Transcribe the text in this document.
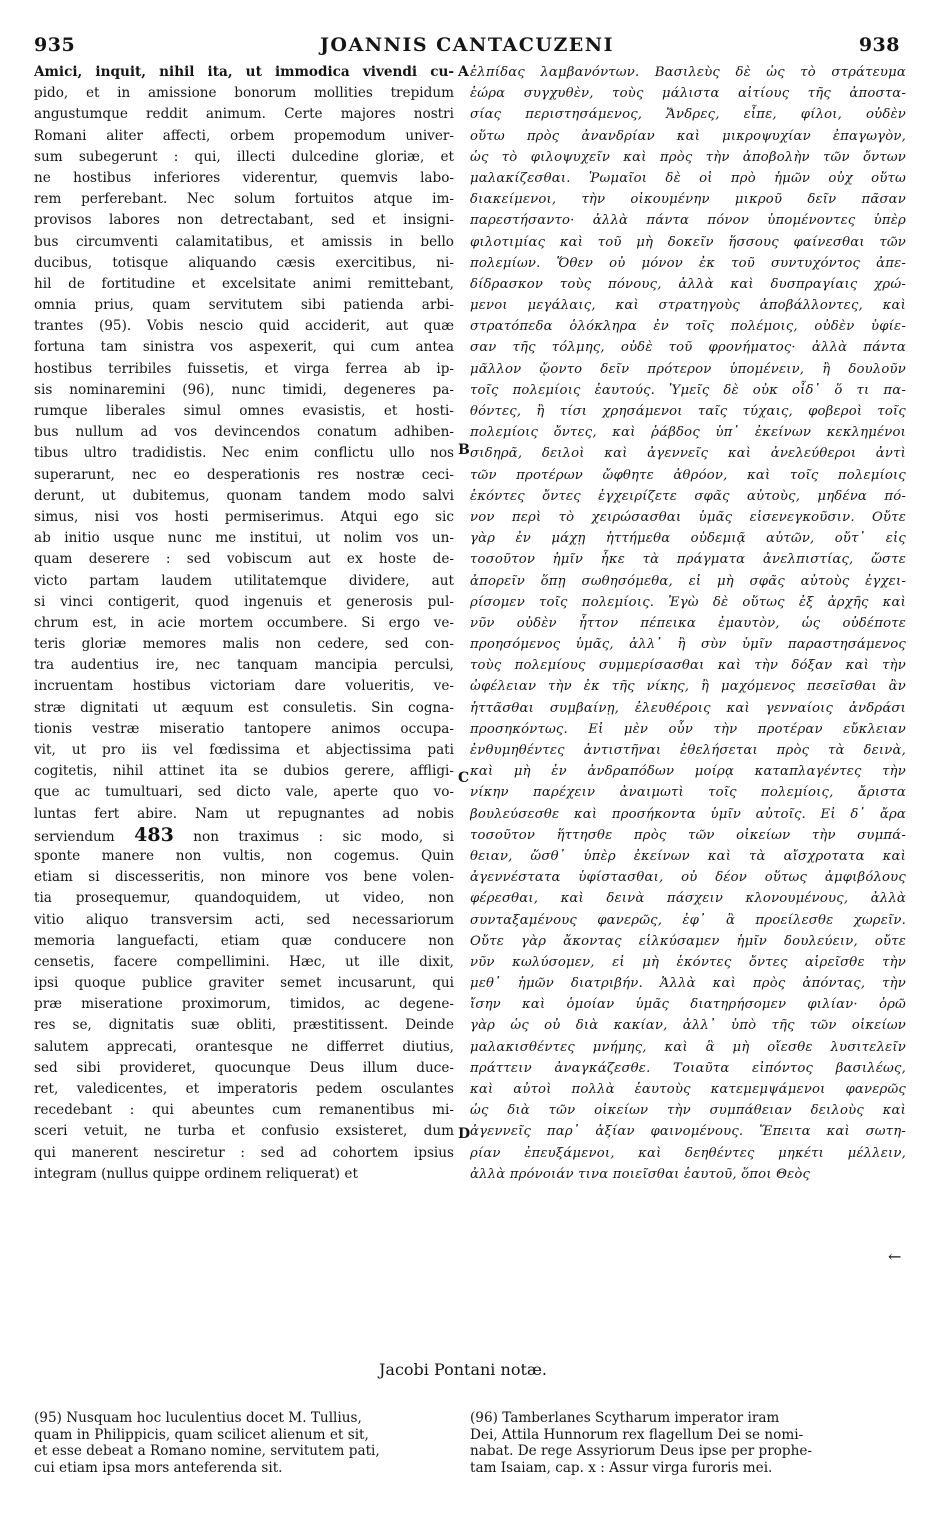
935	JOANNIS CANTACUZENI	938
Amici, inquit, nihil ita, ut immodica vivendi cu-
pido, et in amissione bonorum mollities trepidum
angustumque reddit animum. Certe majores nostri
Romani aliter affecti, orbem propemodum univer-
sum subegerunt : qui, illecti dulcedine gloriæ, et
ne hostibus inferiores viderentur, quemvis labo-
rem perferebant. Nec solum fortuitos atque im-
provisos labores non detrectabant, sed et insigni-
bus circumventi calamitatibus, et amissis in bello
ducibus, totisque aliquando cæsis exercitibus, ni-
hil de fortitudine et excelsitate animi remittebant,
omnia prius, quam servitutem sibi patienda arbi-
trantes (95). Vobis nescio quid acciderit, aut quæ
fortuna tam sinistra vos aspexerit, qui cum antea
hostibus terribiles fuissetis, et virga ferrea ab ip-
sis nominaremini (96), nunc timidi, degeneres pa-
rumque liberales simul omnes evasistis, et hosti-
bus nullum ad vos devincendos conatum adhiben-
tibus ultro tradidistis. Nec enim conflictu ullo nos
superarunt, nec eo desperationis res nostræ ceci-
derunt, ut dubitemus, quonam tandem modo salvi
simus, nisi vos hosti permiserimus. Atqui ego sic
ab initio usque nunc me institui, ut nolim vos un-
quam deserere : sed vobiscum aut ex hoste de-
victo partam laudem utilitatemque dividere, aut
si vinci contigerit, quod ingenuis et generosis pul-
chrum est, in acie mortem occumbere. Si ergo ve-
teris gloriæ memores malis non cedere, sed con-
tra audentius ire, nec tanquam mancipia perculsi,
incruentam hostibus victoriam dare volueritis, ve-
stræ dignitati ut æquum est consuletis. Sin cogna-
tionis vestræ miseratio tantopere animos occupa-
vit, ut pro iis vel fœdissima et abjectissima pati
cogitetis, nihil attinet ita se dubios gerere, affligi-
que ac tumultuari, sed dicto vale, aperte quo vo-
luntas fert abire. Nam ut repugnantes ad nobis
serviendum 483 non traximus : sic modo, si
sponte manere non vultis, non cogemus. Quin
etiam si discesseritis, non minore vos bene volen-
tia prosequemur, quandoquidem, ut video, non
vitio aliquo transversim acti, sed necessariorum
memoria languefacti, etiam quæ conducere non
censetis, facere compellimini. Hæc, ut ille dixit,
ipsi quoque publice graviter semet incusarunt, qui
præ miseratione proximorum, timidos, ac degene-
res se, dignitatis suæ obliti, præstitissent. Deinde
salutem apprecati, orantesque ne differret diutius,
sed sibi provideret, quocunque Deus illum duce-
ret, valedicentes, et imperatoris pedem osculantes
recedebant : qui abeuntes cum remanentibus mi-
sceri vetuit, ne turba et confusio exsisteret, dum
qui manerent nesciretur : sed ad cohortem ipsius
integram (nullus quippe ordinem reliquerat) et
A
B
C
D
ἐλπίδας λαμβανόντων. Βασιλεὺς δὲ ὡς τὸ στράτευμα
ἑώρα συγχυθὲν, τοὺς μάλιστα αἰτίους τῆς ἀποστα-
σίας περιστησάμενος, Ἄνδρες, εἶπε, φίλοι, οὐδὲν
οὕτω πρὸς ἀνανδρίαν καὶ μικροψυχίαν ἐπαγωγὸν,
ὡς τὸ φιλοψυχεῖν καὶ πρὸς τὴν ἀποβολὴν τῶν ὄντων
μαλακίζεσθαι. Ῥωμαῖοι δὲ οἱ πρὸ ἡμῶν οὐχ οὕτω
διακείμενοι, τὴν οἰκουμένην μικροῦ δεῖν πᾶσαν
παρεστήσαντο· ἀλλὰ πάντα πόνον ὑπομένοντες ὑπὲρ
φιλοτιμίας καὶ τοῦ μὴ δοκεῖν ἥσσους φαίνεσθαι τῶν
πολεμίων. Ὅθεν οὐ μόνον ἐκ τοῦ συντυχόντος ἀπε-
δίδρασκον τοὺς πόνους, ἀλλὰ καὶ δυσπραγίαις χρώ-
μενοι μεγάλαις, καὶ στρατηγοὺς ἀποβάλλοντες, καὶ
στρατόπεδα ὁλόκληρα ἐν τοῖς πολέμοις, οὐδὲν ὑφίε-
σαν τῆς τόλμης, οὐδὲ τοῦ φρονήματος· ἀλλὰ πάντα
μᾶλλον ᾤοντο δεῖν πρότερον ὑπομένειν, ἢ δουλοῦν
τοῖς πολεμίοις ἑαυτούς. Ὑμεῖς δὲ οὐκ οἶδ᾽ ὅ τι πα-
θόντες, ἢ τίσι χρησάμενοι ταῖς τύχαις, φοβεροὶ τοῖς
πολεμίοις ὄντες, καὶ ῥάβδος ὑπ᾽ ἐκείνων κεκλημένοι
σιδηρᾶ, δειλοὶ καὶ ἀγεννεῖς καὶ ἀνελεύθεροι ἀντὶ
τῶν προτέρων ὤφθητε ἀθρόον, καὶ τοῖς πολεμίοις
ἑκόντες ὄντες ἐγχειρίζετε σφᾶς αὐτοὺς, μηδένα πό-
νον περὶ τὸ χειρώσασθαι ὑμᾶς εἰσενεγκοῦσιν. Οὔτε
γὰρ ἐν μάχῃ ἡττήμεθα οὐδεμιᾷ αὐτῶν, οὔτ᾽ εἰς
τοσοῦτον ἡμῖν ἧκε τὰ πράγματα ἀνελπιστίας, ὥστε
ἀπορεῖν ὅπῃ σωθησόμεθα, εἰ μὴ σφᾶς αὐτοὺς ἐγχει-
ρίσομεν τοῖς πολεμίοις. Ἐγὼ δὲ οὕτως ἐξ ἀρχῆς καὶ
νῦν οὐδὲν ἧττον πέπεικα ἐμαυτὸν, ὡς οὐδέποτε
προησόμενος ὑμᾶς, ἀλλ᾽ ἢ σὺν ὑμῖν παραστησάμενος
τοὺς πολεμίους συμμερίσασθαι καὶ τὴν δόξαν καὶ τὴν
ὠφέλειαν τὴν ἐκ τῆς νίκης, ἢ μαχόμενος πεσεῖσθαι ἂν
ἡττᾶσθαι συμβαίνῃ, ἐλευθέροις καὶ γενναίοις ἀνδράσι
προσηκόντως. Εἰ μὲν οὖν τὴν προτέραν εὔκλειαν
ἐνθυμηθέντες ἀντιστῆναι ἐθελήσεται πρὸς τὰ δεινὰ,
καὶ μὴ ἐν ἀνδραπόδων μοίρᾳ καταπλαγέντες τὴν
νίκην παρέχειν ἀναιμωτὶ τοῖς πολεμίοις, ἄριστα
βουλεύσεσθε καὶ προσήκοντα ὑμῖν αὐτοῖς. Εἰ δ᾽ ἄρα
τοσοῦτον ἥττησθε πρὸς τῶν οἰκείων τὴν συμπά-
θειαν, ὥσθ᾽ ὑπὲρ ἐκείνων καὶ τὰ αἴσχροτατα καὶ
ἀγεννέστατα ὑφίστασθαι, οὐ δέον οὕτως ἀμφιβόλους
φέρεσθαι, καὶ δεινὰ πάσχειν κλονουμένους, ἀλλὰ
συνταξαμένους φανερῶς, ἐφ᾽ ἃ προείλεσθε χωρεῖν.
Οὔτε γὰρ ἄκοντας εἱλκύσαμεν ἡμῖν δουλεύειν, οὔτε
νῦν κωλύσομεν, εἰ μὴ ἑκόντες ὄντες αἱρεῖσθε τὴν
μεθ᾽ ἡμῶν διατριβήν. Ἀλλὰ καὶ πρὸς ἀπόντας, τὴν
ἴσην καὶ ὁμοίαν ὑμᾶς διατηρήσομεν φιλίαν· ὁρῶ
γὰρ ὡς οὐ διὰ κακίαν, ἀλλ᾽ ὑπὸ τῆς τῶν οἰκείων
μαλακισθέντες μνήμης, καὶ ἃ μὴ οἴεσθε λυσιτελεῖν
πράττειν ἀναγκάζεσθε. Τοιαῦτα εἰπόντος βασιλέως,
καὶ αὐτοὶ πολλὰ ἑαυτοὺς κατεμεμψάμενοι φανερῶς
ὡς διὰ τῶν οἰκείων τὴν συμπάθειαν δειλοὺς καὶ
ἀγεννεῖς παρ᾽ ἀξίαν φαινομένους. Ἔπειτα καὶ σωτη-
ρίαν ἐπευξάμενοι, καὶ δεηθέντες μηκέτι μέλλειν,
ἀλλὰ πρόνοιάν τινα ποιεῖσθαι ἑαυτοῦ, ὅποι Θεὸς
←
Jacobi Pontani notæ.
(95) Nusquam hoc luculentius docet M. Tullius,
quam in Philippicis, quam scilicet alienum et sit,
et esse debeat a Romano nomine, servitutem pati,
cui etiam ipsa mors anteferenda sit.
(96) Tamberlanes Scytharum imperator iram
Dei, Attila Hunnorum rex flagellum Dei se nomi-
nabat. De rege Assyriorum Deus ipse per prophe-
tam Isaiam, cap. x : Assur virga furoris mei.
